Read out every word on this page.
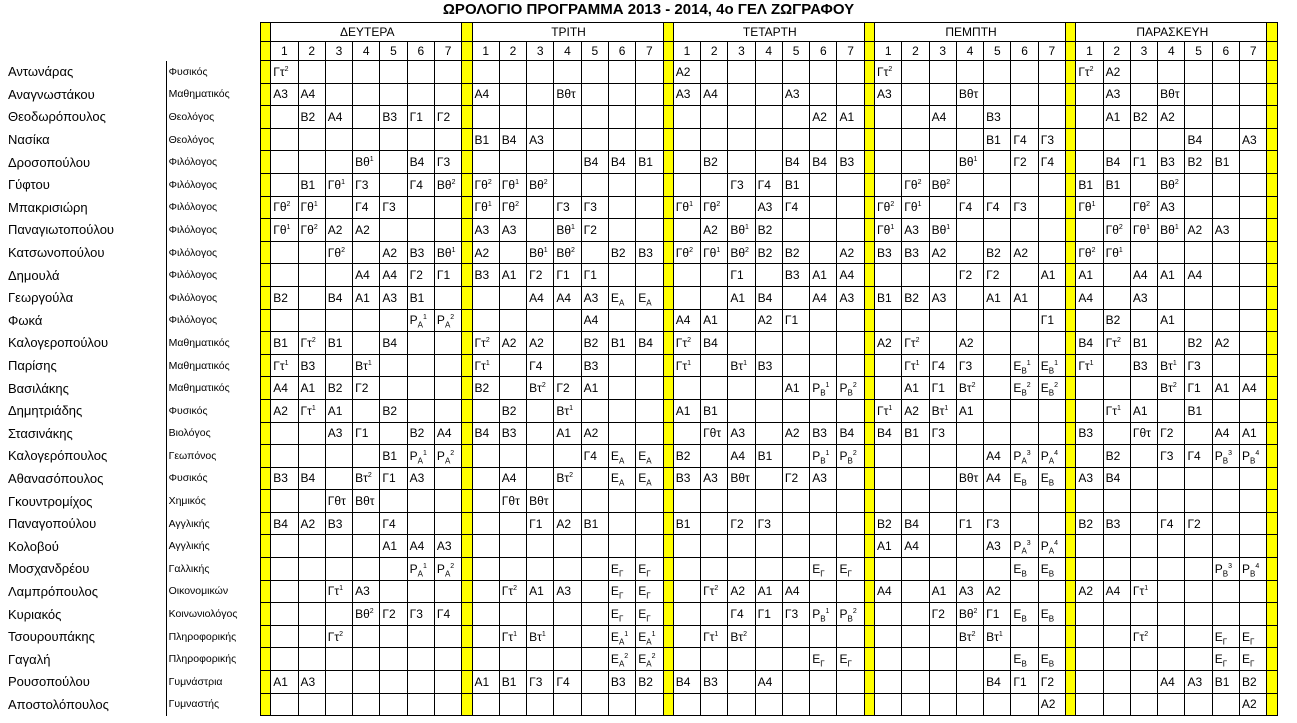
ΩΡΟΛΟΓΙΟ ΠΡΟΓΡΑΜΜΑ 2013 - 2014, 4ο ΓΕΛ ΖΩΓΡΑΦΟΥ
			ΔΕΥΤΕΡΑ								ΤΡΙΤΗ								ΤΕΤΑΡΤΗ								ΠΕΜΠΤΗ								ΠΑΡΑΣΚΕΥΗ							
			1	2	3	4	5	6	7		1	2	3	4	5	6	7		1	2	3	4	5	6	7		1	2	3	4	5	6	7		1	2	3	4	5	6	7	
Αντωνάρας	Φυσικός		$\Gamma\tau^2$																Α2								$\Gamma\tau^2$								$\Gamma\tau^2$	Α2						
Αναγνωστάκου	Μαθηματικός		Α3	Α4							Α4			Βθτ					Α3	Α4			Α3				Α3			Βθτ						Α3		Βθτ				
Θεοδωρόπουλος	Θεολόγος			Β2	Α4		Β3	Γ1	Γ2															Α2	Α1				Α4		Β3					Α1	Β2	Α2				
Νασίκα	Θεολόγος										Β1	Β4	Α3																		Β1	Γ4	Γ3						Β4		Α3	
Δροσοπούλου	Φιλόλογος					$B\theta^1$		Β4	Γ3						Β4	Β4	Β1			Β2			Β4	Β4	Β3					$B\theta^1$		Γ2	Γ4			Β4	Γ1	Β3	Β2	Β1		
Γύφτου	Φιλόλογος			Β1	$\Gamma\theta^1$	Γ3		Γ4	$B\theta^2$		$\Gamma\theta^2$	$\Gamma\theta^1$	$B\theta^2$								Γ3	Γ4	Β1					$\Gamma\theta^2$	$B\theta^2$						Β1	Β1		$B\theta^2$				
Μπακρισιώρη	Φιλόλογος		$\Gamma\theta^2$	$\Gamma\theta^1$		Γ4	Γ3				$\Gamma\theta^1$	$\Gamma\theta^2$		Γ3	Γ3				$\Gamma\theta^1$	$\Gamma\theta^2$		Α3	Γ4				$\Gamma\theta^2$	$\Gamma\theta^1$		Γ4	Γ4	Γ3			$\Gamma\theta^1$		$\Gamma\theta^2$	Α3				
Παναγιωτοπούλου	Φιλόλογος		$\Gamma\theta^1$	$\Gamma\theta^2$	Α2	Α2					Α3	Α3		$B\theta^1$	Γ2					Α2	$B\theta^1$	Β2					$\Gamma\theta^1$	Α3	$B\theta^1$							$\Gamma\theta^2$	$\Gamma\theta^1$	$B\theta^1$	Α2	Α3		
Κατσωνοπούλου	Φιλόλογος				$\Gamma\theta^2$		Α2	Β3	$B\theta^1$		Α2		$B\theta^1$	$B\theta^2$		Β2	Β3		$\Gamma\theta^2$	$\Gamma\theta^1$	$B\theta^2$	Β2	Β2		Α2		Β3	Β3	Α2		Β2	Α2			$\Gamma\theta^2$	$\Gamma\theta^1$						
Δημουλά	Φιλόλογος					Α4	Α4	Γ2	Γ1		Β3	Α1	Γ2	Γ1	Γ1						Γ1		Β3	Α1	Α4					Γ2	Γ2		Α1		Α1		Α4	Α1	Α4			
Γεωργούλα	Φιλόλογος		Β2		Β4	Α1	Α3	Β1					Α4	Α4	Α3	$E_A$	$E_A$				Α1	Β4		Α4	Α3		Β1	Β2	Α3		Α1	Α1			Α4		Α3					
Φωκά	Φιλόλογος							$P_A^1$	$P_A^2$						Α4				Α4	Α1		Α2	Γ1										Γ1			Β2		Α1				
Καλογεροπούλου	Μαθηματικός		Β1	$\Gamma\tau^2$	Β1		Β4				$\Gamma\tau^2$	Α2	Α2		Β2	Β1	Β4		$\Gamma\tau^2$	Β4							Α2	$\Gamma\tau^2$		Α2					Β4	$\Gamma\tau^2$	Β1		Β2	Α2		
Παρίσης	Μαθηματικός		$\Gamma\tau^1$	Β3		$B\tau^1$					$\Gamma\tau^1$		Γ4		Β3				$\Gamma\tau^1$		$B\tau^1$	Β3						$\Gamma\tau^1$	Γ4	Γ3		$E_B^1$	$E_B^1$		$\Gamma\tau^1$		Β3	$B\tau^1$	Γ3			
Βασιλάκης	Μαθηματικός		Α4	Α1	Β2	Γ2					Β2		$B\tau^2$	Γ2	Α1								Α1	$P_B^1$	$P_B^2$			Α1	Γ1	$B\tau^2$		$E_B^2$	$E_B^2$					$B\tau^2$	Γ1	Α1	Α4	
Δημητριάδης	Φυσικός		Α2	$\Gamma\tau^1$	Α1		Β2					Β2		$B\tau^1$					Α1	Β1							$\Gamma\tau^1$	Α2	$B\tau^1$	Α1						$\Gamma\tau^1$	Α1		Β1			
Στασινάκης	Βιολόγος				Α3	Γ1		Β2	Α4		Β4	Β3		Α1	Α2					Γθτ	Α3		Α2	Β3	Β4		Β4	Β1	Γ3						Β3		Γθτ	Γ2		Α4	Α1	
Καλογερόπουλος	Γεωπόνος						Β1	$P_A^1$	$P_A^2$						Γ4	$E_A$	$E_A$		Β2		Α4	Β1		$P_B^1$	$P_B^2$						Α4	$P_A^3$	$P_A^4$			Β2		Γ3	Γ4	$P_B^3$	$P_B^4$	
Αθανασόπουλος	Φυσικός		Β3	Β4		$B\tau^2$	Γ1	Α3				Α4		$B\tau^2$		$E_A$	$E_A$		Β3	Α3	Βθτ		Γ2	Α3						Βθτ	Α4	$E_B$	$E_B$		Α3	Β4						
Γκουντρομίχος	Χημικός				Γθτ	Βθτ						Γθτ	Βθτ																													
Παναγοπούλου	Αγγλικής		Β4	Α2	Β3		Γ4						Γ1	Α2	Β1				Β1		Γ2	Γ3					Β2	Β4		Γ1	Γ3				Β2	Β3		Γ4	Γ2			
Κολοβού	Αγγλικής						Α1	Α4	Α3																		Α1	Α4			Α3	$P_A^3$	$P_A^4$									
Μοσχανδρέου	Γαλλικής							$P_A^1$	$P_A^2$							$E_\Gamma$	$E_\Gamma$							$E_\Gamma$	$E_\Gamma$							$E_B$	$E_B$							$P_B^3$	$P_B^4$	
Λαμπρόπουλος	Οικονομικών				$\Gamma\tau^1$	Α3						$\Gamma\tau^2$	Α1	Α3		$E_\Gamma$	$E_\Gamma$			$\Gamma\tau^2$	Α2	Α1	Α4				Α4		Α1	Α3	Α2				Α2	Α4	$\Gamma\tau^1$					
Κυριακός	Κοινωνιολόγος					$B\theta^2$	Γ2	Γ3	Γ4							$E_\Gamma$	$E_\Gamma$				Γ4	Γ1	Γ3	$P_B^1$	$P_B^2$				Γ2	$B\theta^2$	Γ1	$E_B$	$E_B$									
Τσουρουπάκης	Πληροφορικής				$\Gamma\tau^2$							$\Gamma\tau^1$	$B\tau^1$			$E_A^1$	$E_A^1$			$\Gamma\tau^1$	$B\tau^2$									$B\tau^2$	$B\tau^1$						$\Gamma\tau^2$			$E_\Gamma$	$E_\Gamma$	
Γαγαλή	Πληροφορικής															$E_A^2$	$E_A^2$							$E_\Gamma$	$E_\Gamma$							$E_B$	$E_B$							$E_\Gamma$	$E_\Gamma$	
Ρουσοπούλου	Γυμνάστρια		Α1	Α3							Α1	Β1	Γ3	Γ4		Β3	Β2		Β4	Β3		Α4									Β4	Γ1	Γ2					Α4	Α3	Β1	Β2	
Αποστολόπουλος	Γυμναστής																																Α2								Α2	
